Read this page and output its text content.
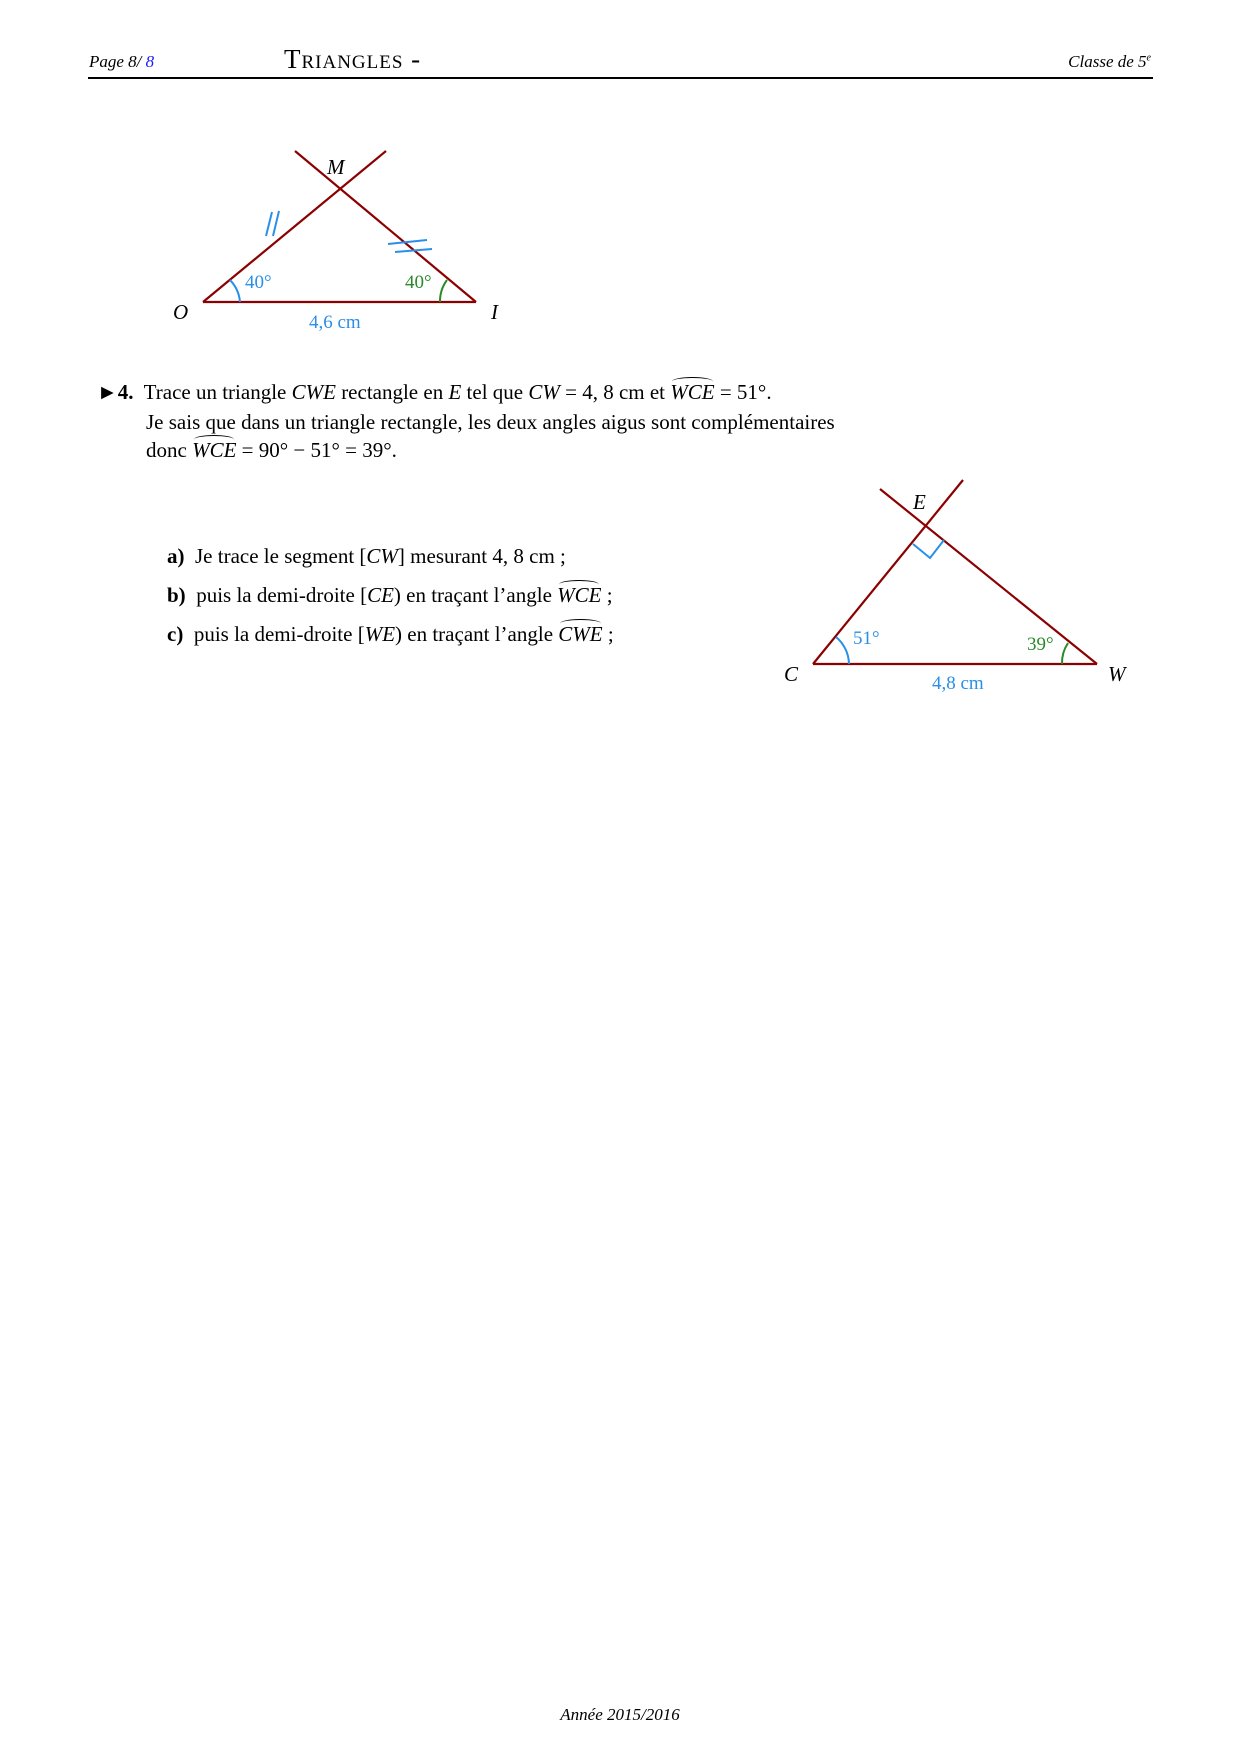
Page 8/ 8	Triangles -	Classe de 5e
M
O	I
40°	40°
4,6 cm
►4. Trace un triangle CWE rectangle en E tel que CW = 4, 8 cm et WCE = 51°.
Je sais que dans un triangle rectangle, les deux angles aigus sont complémentaires
donc WCE = 90° − 51° = 39°.
a) Je trace le segment [CW] mesurant 4, 8 cm ;
b) puis la demi-droite [CE) en traçant l’angle WCE ;
c) puis la demi-droite [WE) en traçant l’angle CWE ;
E
C	W
51°	39°
4,8 cm
Année 2015/2016
